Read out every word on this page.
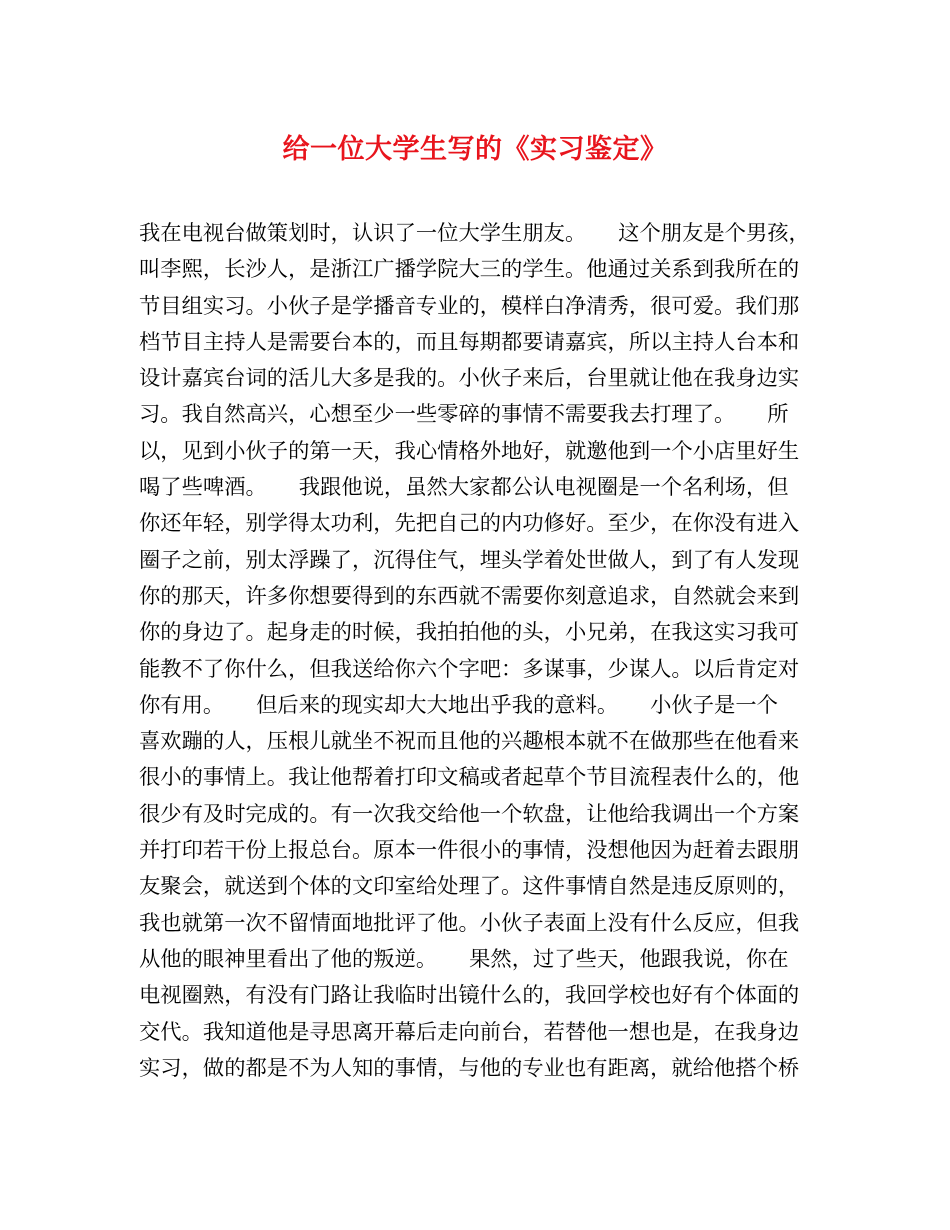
给一位大学生写的《实习鉴定》
我在电视台做策划时，认识了一位大学生朋友。　　这个朋友是个男孩，
叫李熙，长沙人，是浙江广播学院大三的学生。他通过关系到我所在的
节目组实习。小伙子是学播音专业的，模样白净清秀，很可爱。我们那
档节目主持人是需要台本的，而且每期都要请嘉宾，所以主持人台本和
设计嘉宾台词的活儿大多是我的。小伙子来后，台里就让他在我身边实
习。我自然高兴，心想至少一些零碎的事情不需要我去打理了。　　所
以，见到小伙子的第一天，我心情格外地好，就邀他到一个小店里好生
喝了些啤酒。　　我跟他说，虽然大家都公认电视圈是一个名利场，但
你还年轻，别学得太功利，先把自己的内功修好。至少，在你没有进入
圈子之前，别太浮躁了，沉得住气，埋头学着处世做人，到了有人发现
你的那天，许多你想要得到的东西就不需要你刻意追求，自然就会来到
你的身边了。起身走的时候，我拍拍他的头，小兄弟，在我这实习我可
能教不了你什么，但我送给你六个字吧：多谋事，少谋人。以后肯定对
你有用。　　但后来的现实却大大地出乎我的意料。　　小伙子是一个
喜欢蹦的人，压根儿就坐不祝而且他的兴趣根本就不在做那些在他看来
很小的事情上。我让他帮着打印文稿或者起草个节目流程表什么的，他
很少有及时完成的。有一次我交给他一个软盘，让他给我调出一个方案
并打印若干份上报总台。原本一件很小的事情，没想他因为赶着去跟朋
友聚会，就送到个体的文印室给处理了。这件事情自然是违反原则的，
我也就第一次不留情面地批评了他。小伙子表面上没有什么反应，但我
从他的眼神里看出了他的叛逆。　　果然，过了些天，他跟我说，你在
电视圈熟，有没有门路让我临时出镜什么的，我回学校也好有个体面的
交代。我知道他是寻思离开幕后走向前台，若替他一想也是，在我身边
实习，做的都是不为人知的事情，与他的专业也有距离，就给他搭个桥
